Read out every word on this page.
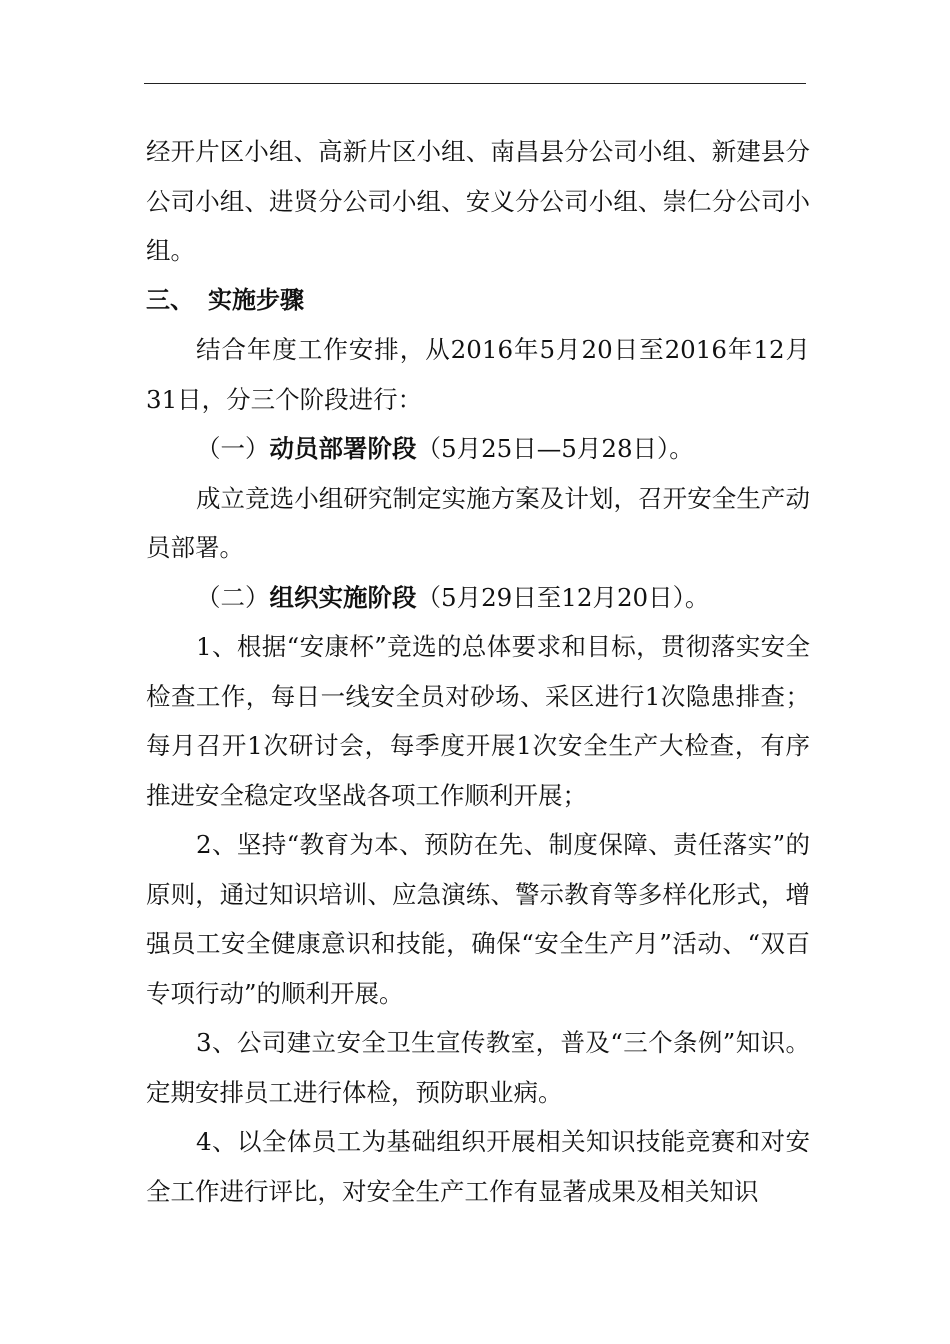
经开片区小组、高新片区小组、南昌县分公司小组、新建县分公司小组、进贤分公司小组、安义分公司小组、崇仁分公司小组。

三、 实施步骤

结合年度工作安排，从2016年5月20日至2016年12月31日，分三个阶段进行：

（一）动员部署阶段（5月25日—5月28日）。

成立竞选小组研究制定实施方案及计划，召开安全生产动员部署。

（二）组织实施阶段（5月29日至12月20日）。

1、根据“安康杯”竞选的总体要求和目标，贯彻落实安全检查工作，每日一线安全员对砂场、采区进行1次隐患排查；每月召开1次研讨会，每季度开展1次安全生产大检查，有序推进安全稳定攻坚战各项工作顺利开展；

2、坚持“教育为本、预防在先、制度保障、责任落实”的原则，通过知识培训、应急演练、警示教育等多样化形式，增强员工安全健康意识和技能，确保“安全生产月”活动、“双百专项行动”的顺利开展。

3、公司建立安全卫生宣传教室，普及“三个条例”知识。定期安排员工进行体检，预防职业病。

4、以全体员工为基础组织开展相关知识技能竞赛和对安全工作进行评比，对安全生产工作有显著成果及相关知识
